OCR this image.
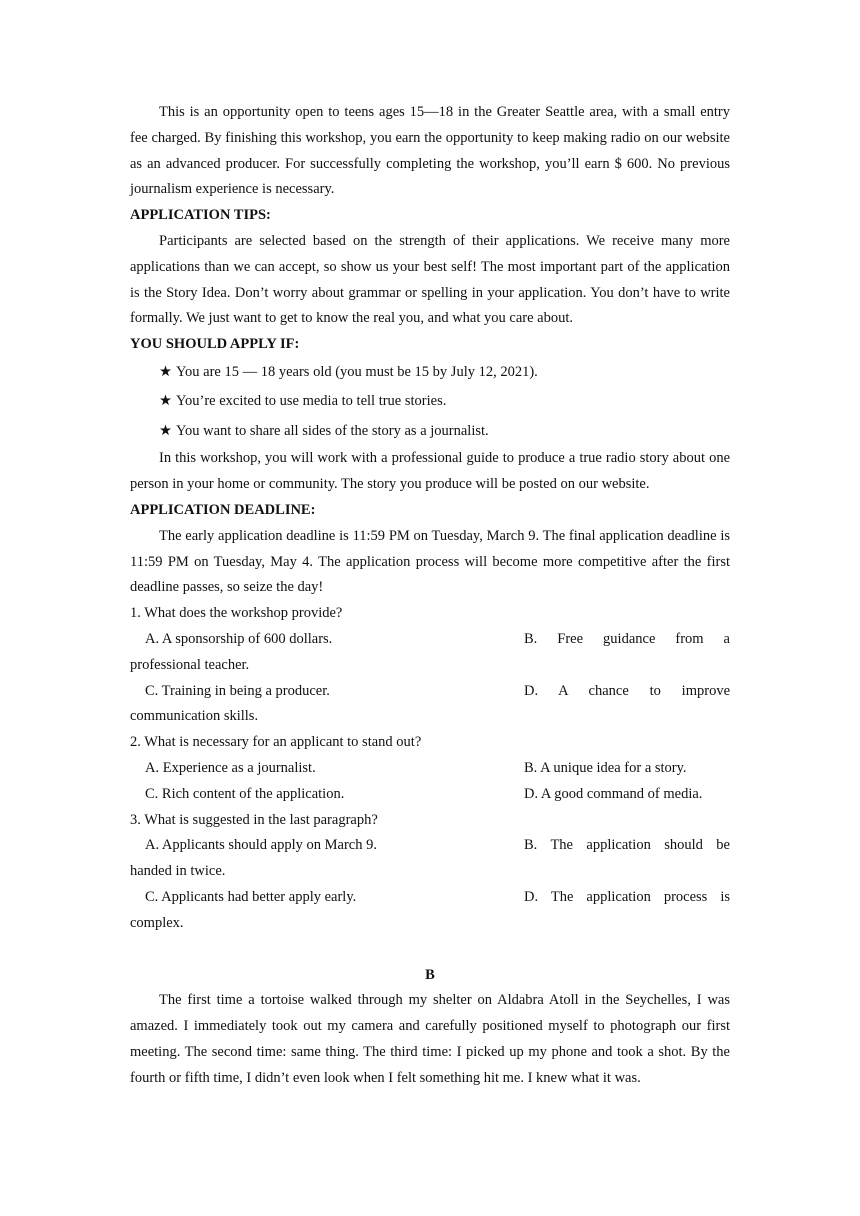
This is an opportunity open to teens ages 15—18 in the Greater Seattle area, with a small entry fee charged. By finishing this workshop, you earn the opportunity to keep making radio on our website as an advanced producer. For successfully completing the workshop, you’ll earn $ 600. No previous journalism experience is necessary.

APPLICATION TIPS:

Participants are selected based on the strength of their applications. We receive many more applications than we can accept, so show us your best self! The most important part of the application is the Story Idea. Don’t worry about grammar or spelling in your application. You don’t have to write formally. We just want to get to know the real you, and what you care about.

YOU SHOULD APPLY IF:

★ You are 15 — 18 years old (you must be 15 by July 12, 2021).

★ You’re excited to use media to tell true stories.

★ You want to share all sides of the story as a journalist.

In this workshop, you will work with a professional guide to produce a true radio story about one person in your home or community. The story you produce will be posted on our website.

APPLICATION DEADLINE:

The early application deadline is 11:59 PM on Tuesday, March 9. The final application deadline is 11:59 PM on Tuesday, May 4. The application process will become more competitive after the first deadline passes, so seize the day!

1. What does the workshop provide?

A. A sponsorship of 600 dollars.	B. Free guidance from a

professional teacher.

C. Training in being a producer.	D. A chance to improve

communication skills.

2. What is necessary for an applicant to stand out?

A. Experience as a journalist.	B. A unique idea for a story.
C. Rich content of the application.	D. A good command of media.

3. What is suggested in the last paragraph?

A. Applicants should apply on March 9.	B. The application should be

handed in twice.

C. Applicants had better apply early.	D. The application process is

complex.

B

The first time a tortoise walked through my shelter on Aldabra Atoll in the Seychelles, I was amazed. I immediately took out my camera and carefully positioned myself to photograph our first meeting. The second time: same thing. The third time: I picked up my phone and took a shot. By the fourth or fifth time, I didn’t even look when I felt something hit me. I knew what it was.
